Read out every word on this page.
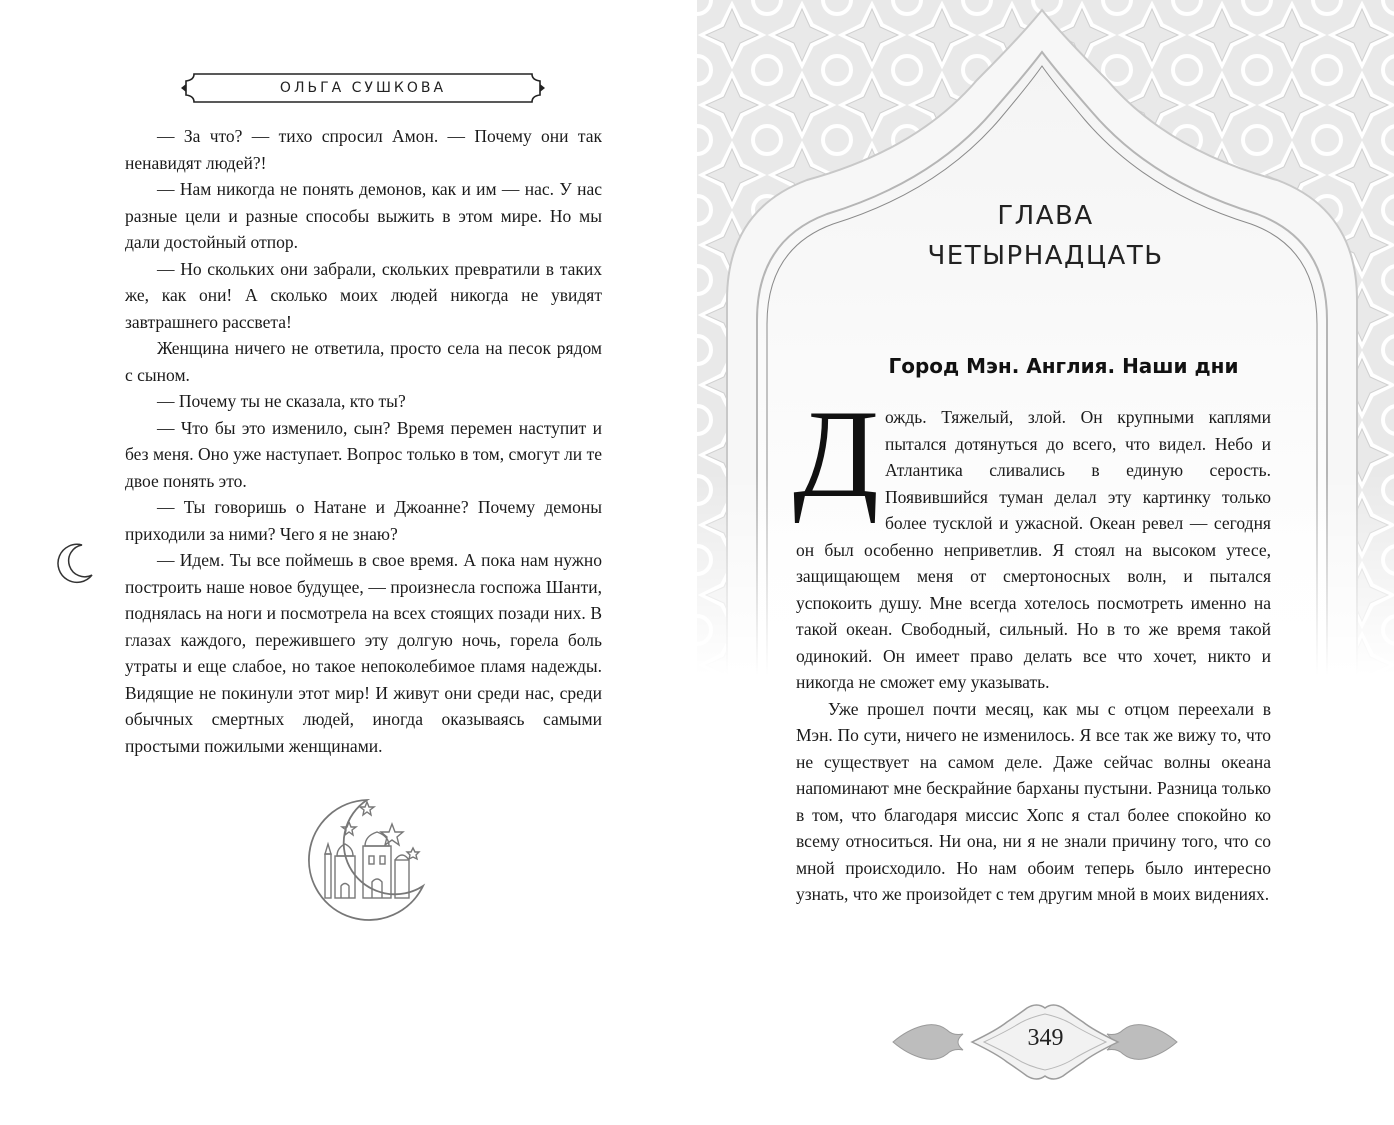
ОЛЬГА СУШКОВА

— За что? — тихо спросил Амон. — Почему они так ненавидят людей?!

— Нам никогда не понять демонов, как и им — нас. У нас разные цели и разные способы выжить в этом мире. Но мы дали достойный отпор.

— Но скольких они забрали, скольких превратили в таких же, как они! А сколько моих людей никогда не увидят завтрашнего рассвета!

Женщина ничего не ответила, просто села на песок рядом с сыном.

— Почему ты не сказала, кто ты?

— Что бы это изменило, сын? Время перемен наступит и без меня. Оно уже наступает. Вопрос только в том, смогут ли те двое понять это.

— Ты говоришь о Натане и Джоанне? Почему демоны приходили за ними? Чего я не знаю?

— Идем. Ты все поймешь в свое время. А пока нам нужно построить наше новое будущее, — произнесла госпожа Шанти, поднялась на ноги и посмотрела на всех стоящих позади них. В глазах каждого, пережившего эту долгую ночь, горела боль утраты и еще слабое, но такое непоколебимое пламя надежды. Видящие не покинули этот мир! И живут они среди нас, среди обычных смертных людей, иногда оказываясь самыми простыми пожилыми женщинами.

ГЛАВА
ЧЕТЫРНАДЦАТЬ
Город Мэн. Англия. Наши дни
Д ождь. Тяжелый, злой. Он крупными каплями пытался дотянуться до всего, что видел. Небо и Атлантика сливались в единую серость. Появившийся туман делал эту картинку только более тусклой и ужасной. Океан ревел — сегодня он был особенно неприветлив. Я стоял на высоком утесе, защищающем меня от смертоносных волн, и пытался успокоить душу. Мне всегда хотелось посмотреть именно на такой океан. Свободный, сильный. Но в то же время такой одинокий. Он имеет право делать все что хочет, никто и никогда не сможет ему указывать.

Уже прошел почти месяц, как мы с отцом переехали в Мэн. По сути, ничего не изменилось. Я все так же вижу то, что не существует на самом деле. Даже сейчас волны океана напоминают мне бескрайние барханы пустыни. Разница только в том, что благодаря миссис Хопс я стал более спокойно ко всему относиться. Ни она, ни я не знали причину того, что со мной происходило. Но нам обоим теперь было интересно узнать, что же произойдет с тем другим мной в моих видениях.

349
